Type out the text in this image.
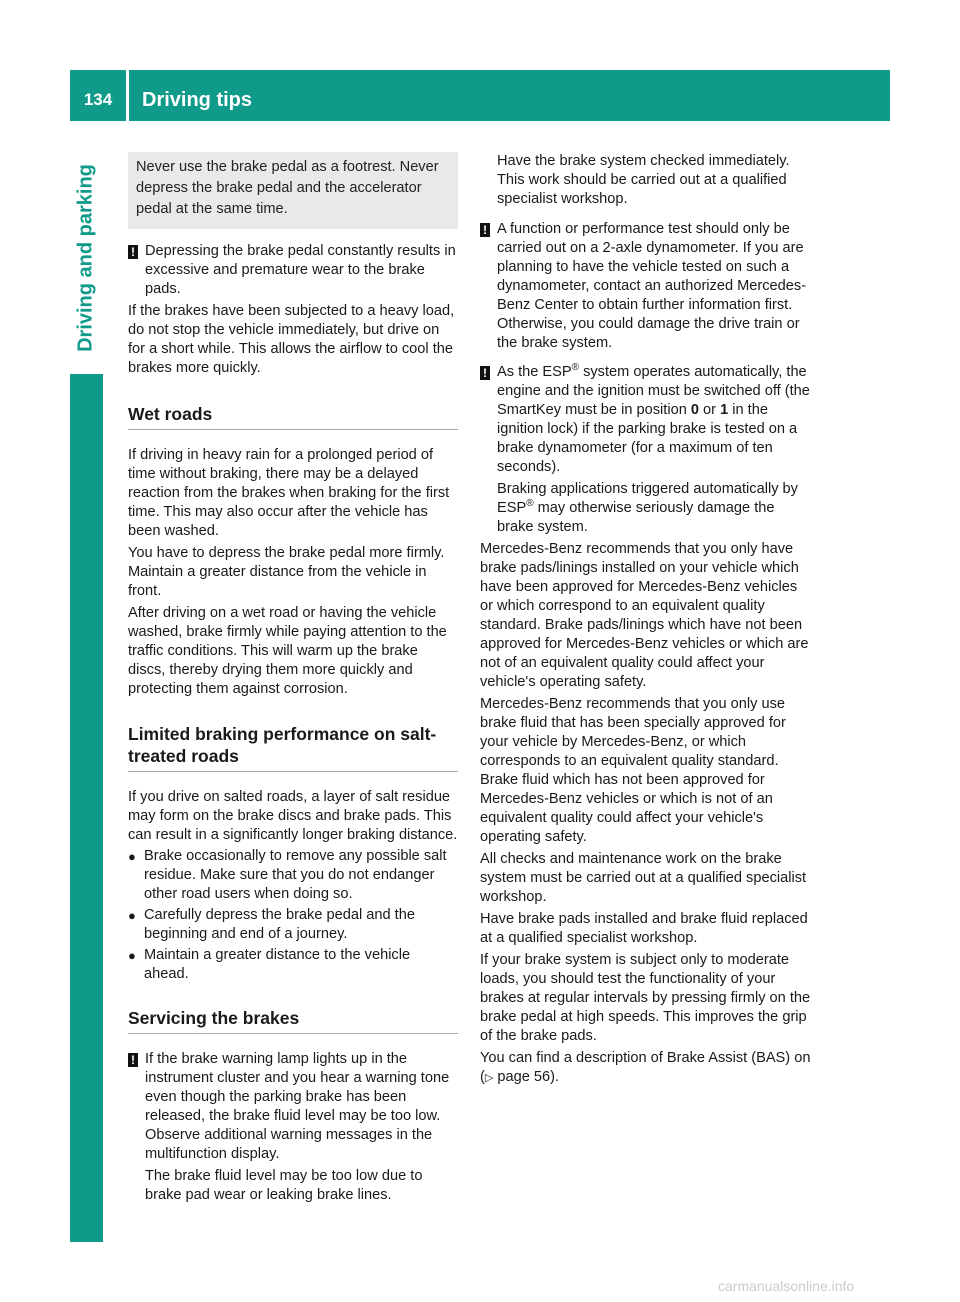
134	Driving tips
Driving and parking	Never use the brake pedal as a footrest. Never depress the brake pedal and the accelerator pedal at the same time.
! Depressing the brake pedal constantly results in excessive and premature wear to the brake pads.

If the brakes have been subjected to a heavy load, do not stop the vehicle immediately, but drive on for a short while. This allows the airflow to cool the brakes more quickly.

Wet roads

If driving in heavy rain for a prolonged period of time without braking, there may be a delayed reaction from the brakes when braking for the first time. This may also occur after the vehicle has been washed.

You have to depress the brake pedal more firmly. Maintain a greater distance from the vehicle in front.

After driving on a wet road or having the vehicle washed, brake firmly while paying attention to the traffic conditions. This will warm up the brake discs, thereby drying them more quickly and protecting them against corrosion.

Limited braking performance on salt-treated roads

If you drive on salted roads, a layer of salt residue may form on the brake discs and brake pads. This can result in a significantly longer braking distance.

● Brake occasionally to remove any possible salt residue. Make sure that you do not endanger other road users when doing so.
● Carefully depress the brake pedal and the beginning and end of a journey.
● Maintain a greater distance to the vehicle ahead.
Servicing the brakes
! If the brake warning lamp lights up in the instrument cluster and you hear a warning tone even though the parking brake has been released, the brake fluid level may be too low. Observe additional warning messages in the multifunction display.

The brake fluid level may be too low due to brake pad wear or leaking brake lines.

Have the brake system checked immediately. This work should be carried out at a qualified specialist workshop.

! A function or performance test should only be carried out on a 2-axle dynamometer. If you are planning to have the vehicle tested on such a dynamometer, contact an authorized Mercedes-Benz Center to obtain further information first. Otherwise, you could damage the drive train or the brake system.

! As the ESP® system operates automatically, the engine and the ignition must be switched off (the SmartKey must be in position 0 or 1 in the ignition lock) if the parking brake is tested on a brake dynamometer (for a maximum of ten seconds).

Braking applications triggered automatically by ESP® may otherwise seriously damage the brake system.

Mercedes-Benz recommends that you only have brake pads/linings installed on your vehicle which have been approved for Mercedes-Benz vehicles or which correspond to an equivalent quality standard. Brake pads/linings which have not been approved for Mercedes-Benz vehicles or which are not of an equivalent quality could affect your vehicle's operating safety.

Mercedes-Benz recommends that you only use brake fluid that has been specially approved for your vehicle by Mercedes-Benz, or which corresponds to an equivalent quality standard. Brake fluid which has not been approved for Mercedes-Benz vehicles or which is not of an equivalent quality could affect your vehicle's operating safety.

All checks and maintenance work on the brake system must be carried out at a qualified specialist workshop.

Have brake pads installed and brake fluid replaced at a qualified specialist workshop.

If your brake system is subject only to moderate loads, you should test the functionality of your brakes at regular intervals by pressing firmly on the brake pedal at high speeds. This improves the grip of the brake pads.

You can find a description of Brake Assist (BAS) on (▷ page 56).

carmanualsonline.info
